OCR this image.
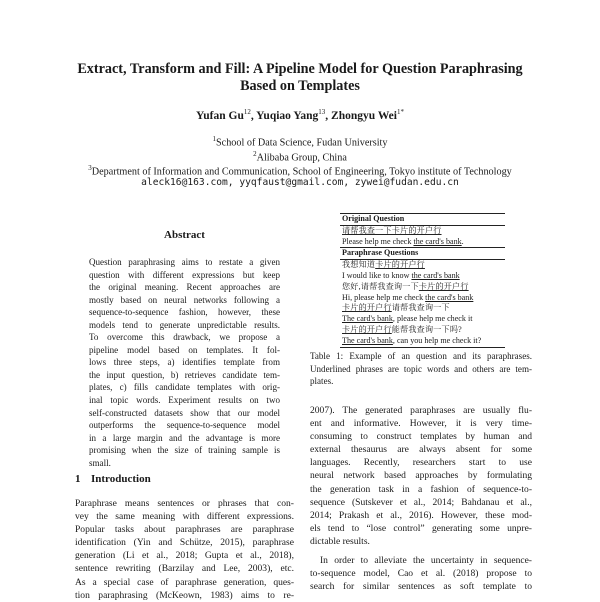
Extract, Transform and Fill: A Pipeline Model for Question Paraphrasing
Based on Templates
Yufan Gu$^{12}$, Yuqiao Yang$^{13}$, Zhongyu Wei$^{1*}$
$^1$School of Data Science, Fudan University
$^2$Alibaba Group, China
$^3$Department of Information and Communication, School of Engineering, Tokyo institute of Technology
aleck16@163.com, yyqfaust@gmail.com, zywei@fudan.edu.cn
Abstract
Question paraphrasing aims to restate a given
question with different expressions but keep
the original meaning. Recent approaches are
mostly based on neural networks following a
sequence-to-sequence fashion, however, these
models tend to generate unpredictable results.
To overcome this drawback, we propose a
pipeline model based on templates. It fol-
lows three steps, a) identifies template from
the input question, b) retrieves candidate tem-
plates, c) fills candidate templates with orig-
inal topic words. Experiment results on two
self-constructed datasets show that our model
outperforms the sequence-to-sequence model
in a large margin and the advantage is more
promising when the size of training sample is
small.
1 Introduction
Paraphrase means sentences or phrases that con-
vey the same meaning with different expressions.
Popular tasks about paraphrases are paraphrase
identification (Yin and Schütze, 2015), paraphrase
generation (Li et al., 2018; Gupta et al., 2018),
sentence rewriting (Barzilay and Lee, 2003), etc.
As a special case of paraphrase generation, ques-
tion paraphrasing (McKeown, 1983) aims to re-
Original Question
请帮我查一下卡片的开户行
Please help me check the card's bank.
Paraphrase Questions
我想知道卡片的开户行
I would like to know the card's bank
您好,请帮我查询一下卡片的开户行
Hi, please help me check the card's bank
卡片的开户行请帮我查询一下
The card's bank, please help me check it
卡片的开户行能帮我查询一下吗?
The card's bank, can you help me check it?
Table 1: Example of an question and its paraphrases.
Underlined phrases are topic words and others are tem-
plates.
2007). The generated paraphrases are usually flu-
ent and informative. However, it is very time-
consuming to construct templates by human and
external thesaurus are always absent for some
languages. Recently, researchers start to use
neural network based approaches by formulating
the generation task in a fashion of sequence-to-
sequence (Sutskever et al., 2014; Bahdanau et al.,
2014; Prakash et al., 2016). However, these mod-
els tend to “lose control” generating some unpre-
dictable results.
In order to alleviate the uncertainty in sequence-
to-sequence model, Cao et al. (2018) propose to
search for similar sentences as soft template to
